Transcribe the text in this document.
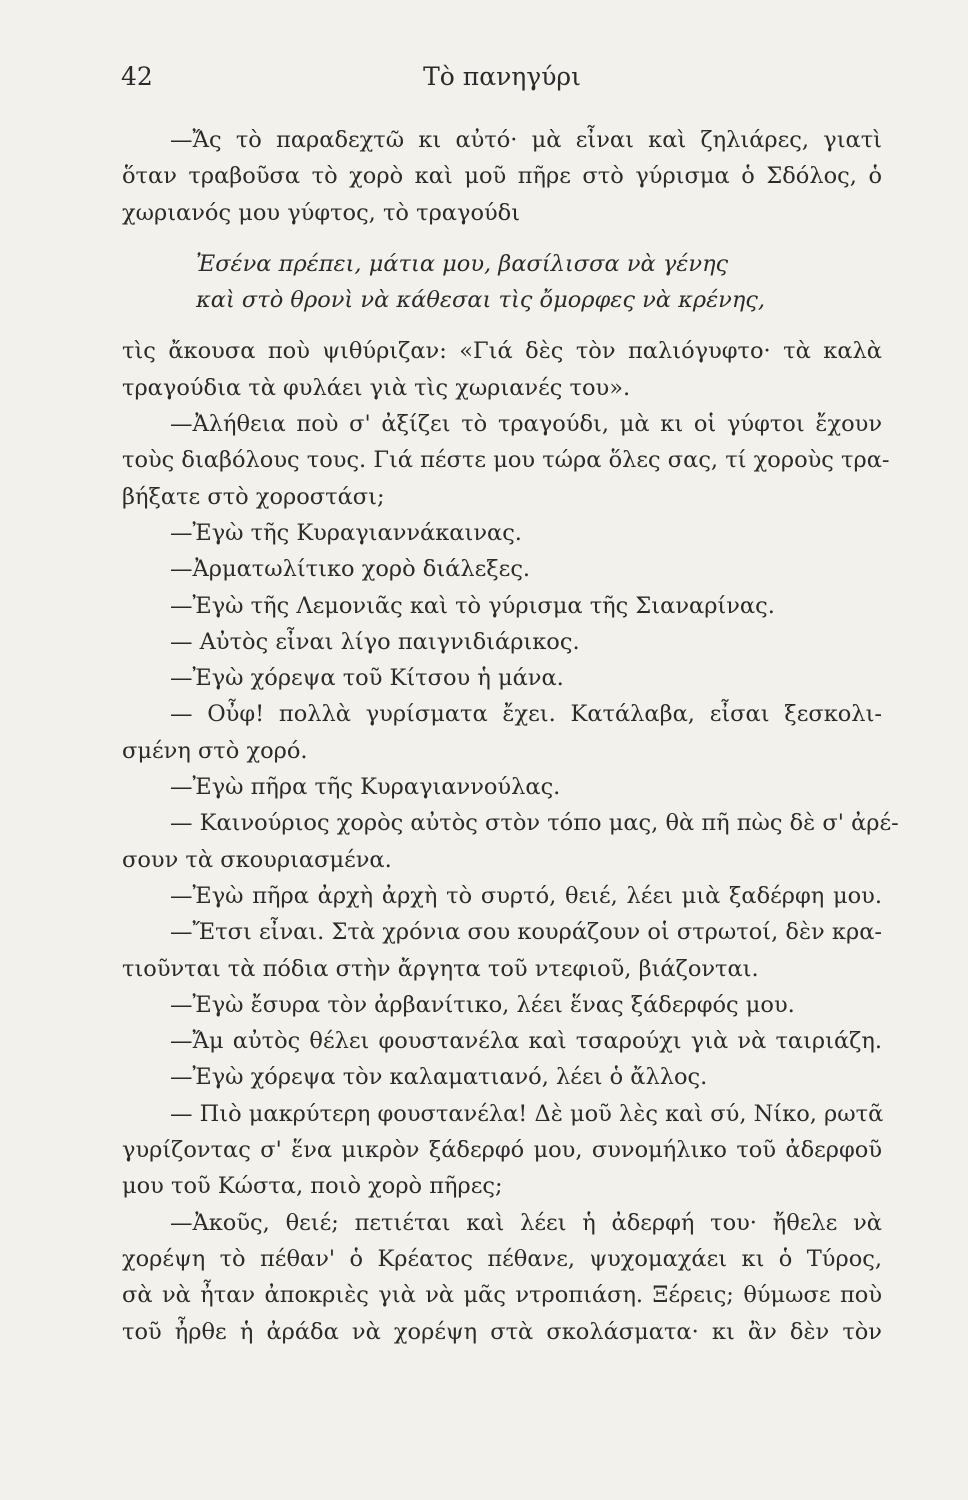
42	Τὸ πανηγύρι
—Ἄς τὸ παραδεχτῶ κι αὐτό· μὰ εἶναι καὶ ζηλιάρες, γιατὶ
ὅταν τραβοῦσα τὸ χορὸ καὶ μοῦ πῆρε στὸ γύρισμα ὁ Σδόλος, ὁ
χωριανός μου γύφτος, τὸ τραγούδι
Ἐσένα πρέπει, μάτια μου, βασίλισσα νὰ γένης
καὶ στὸ θρονὶ νὰ κάθεσαι τὶς ὄμορφες νὰ κρένης,
τὶς ἄκουσα ποὺ ψιθύριζαν: «Γιά δὲς τὸν παλιόγυφτο· τὰ καλὰ
τραγούδια τὰ φυλάει γιὰ τὶς χωριανές του».
—Ἀλήθεια ποὺ σ' ἀξίζει τὸ τραγούδι, μὰ κι οἱ γύφτοι ἔχουν
τοὺς διαβόλους τους. Γιά πέστε μου τώρα ὅλες σας, τί χοροὺς τρα-
βήξατε στὸ χοροστάσι;
—Ἐγὼ τῆς Κυραγιαννάκαινας.
—Ἀρματωλίτικο χορὸ διάλεξες.
—Ἐγὼ τῆς Λεμονιᾶς καὶ τὸ γύρισμα τῆς Σιαναρίνας.
— Αὐτὸς εἶναι λίγο παιγνιδιάρικος.
—Ἐγὼ χόρεψα τοῦ Κίτσου ἡ μάνα.
— Οὖφ! πολλὰ γυρίσματα ἔχει. Κατάλαβα, εἶσαι ξεσκολι-
σμένη στὸ χορό.
—Ἐγὼ πῆρα τῆς Κυραγιαννούλας.
— Καινούριος χορὸς αὐτὸς στὸν τόπο μας, θὰ πῆ πὼς δὲ σ' ἀρέ-
σουν τὰ σκουριασμένα.
—Ἐγὼ πῆρα ἀρχὴ ἀρχὴ τὸ συρτό, θειέ, λέει μιὰ ξαδέρφη μου.
—Ἔτσι εἶναι. Στὰ χρόνια σου κουράζουν οἱ στρωτοί, δὲν κρα-
τιοῦνται τὰ πόδια στὴν ἄργητα τοῦ ντεφιοῦ, βιάζονται.
—Ἐγὼ ἔσυρα τὸν ἀρβανίτικο, λέει ἕνας ξάδερφός μου.
—Ἄμ αὐτὸς θέλει φουστανέλα καὶ τσαρούχι γιὰ νὰ ταιριάζη.
—Ἐγὼ χόρεψα τὸν καλαματιανό, λέει ὁ ἄλλος.
— Πιὸ μακρύτερη φουστανέλα! Δὲ μοῦ λὲς καὶ σύ, Νίκο, ρωτᾶ
γυρίζοντας σ' ἕνα μικρὸν ξάδερφό μου, συνομήλικο τοῦ ἀδερφοῦ
μου τοῦ Κώστα, ποιὸ χορὸ πῆρες;
—Ἀκοῦς, θειέ; πετιέται καὶ λέει ἡ ἀδερφή του· ἤθελε νὰ
χορέψη τὸ πέθαν' ὁ Κρέατος πέθανε, ψυχομαχάει κι ὁ Τύρος,
σὰ νὰ ἦταν ἀποκριὲς γιὰ νὰ μᾶς ντροπιάση. Ξέρεις; θύμωσε ποὺ
τοῦ ἦρθε ἡ ἀράδα νὰ χορέψη στὰ σκολάσματα· κι ἂν δὲν τὸν
